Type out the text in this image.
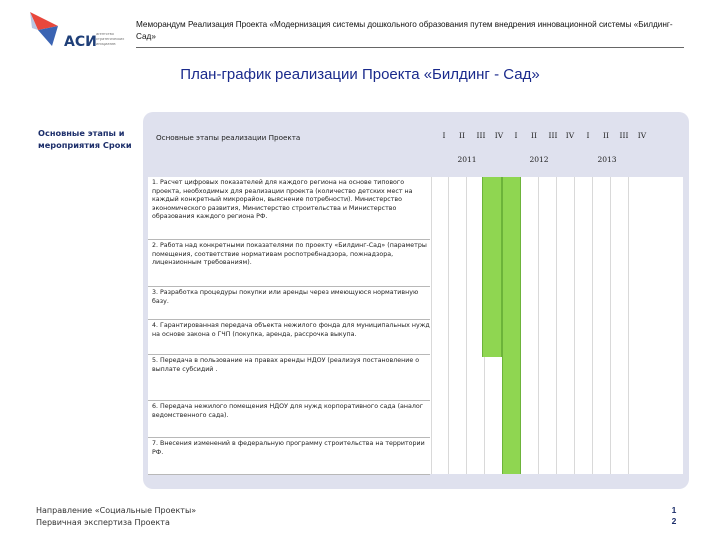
АСИ
агентство стратегических инициатив
Меморандум Реализация Проекта «Модернизация системы дошкольного образования путем внедрения инновационной системы «Билдинг-Сад»
План-график реализации Проекта «Билдинг - Сад»
Основные этапы и мероприятия Сроки
Основные этапы реализации Проекта	I	II	III	IV	I	II	III	IV	I	II	III	IV
2011	2012	2013
1. Расчет цифровых показателей для каждого региона на основе типового проекта, необходимых для реализации проекта (количество детских мест на каждый конкретный микрорайон, выяснение потребности). Министерство экономического развития, Министерство строительства и Министерство образования каждого региона РФ.
2. Работа над конкретными показателями по проекту «Билдинг-Сад» (параметры помещения, соответствие нормативам роспотребнадзора, пожнадзора, лицензионным требованиям).
3. Разработка процедуры покупки или аренды через имеющуюся нормативную базу.
4. Гарантированная передача объекта нежилого фонда для муниципальных нужд на основе закона о ГЧП (покупка, аренда, рассрочка выкупа.
5. Передача в пользование на правах аренды НДОУ (реализуя постановление о выплате субсидий .
6. Передача нежилого помещения НДОУ для нужд корпоративного сада (аналог ведомственного сада).
7. Внесения изменений в федеральную программу строительства на территории РФ.
Направление «Социальные Проекты»
Первичная экспертиза Проекта
1
2
